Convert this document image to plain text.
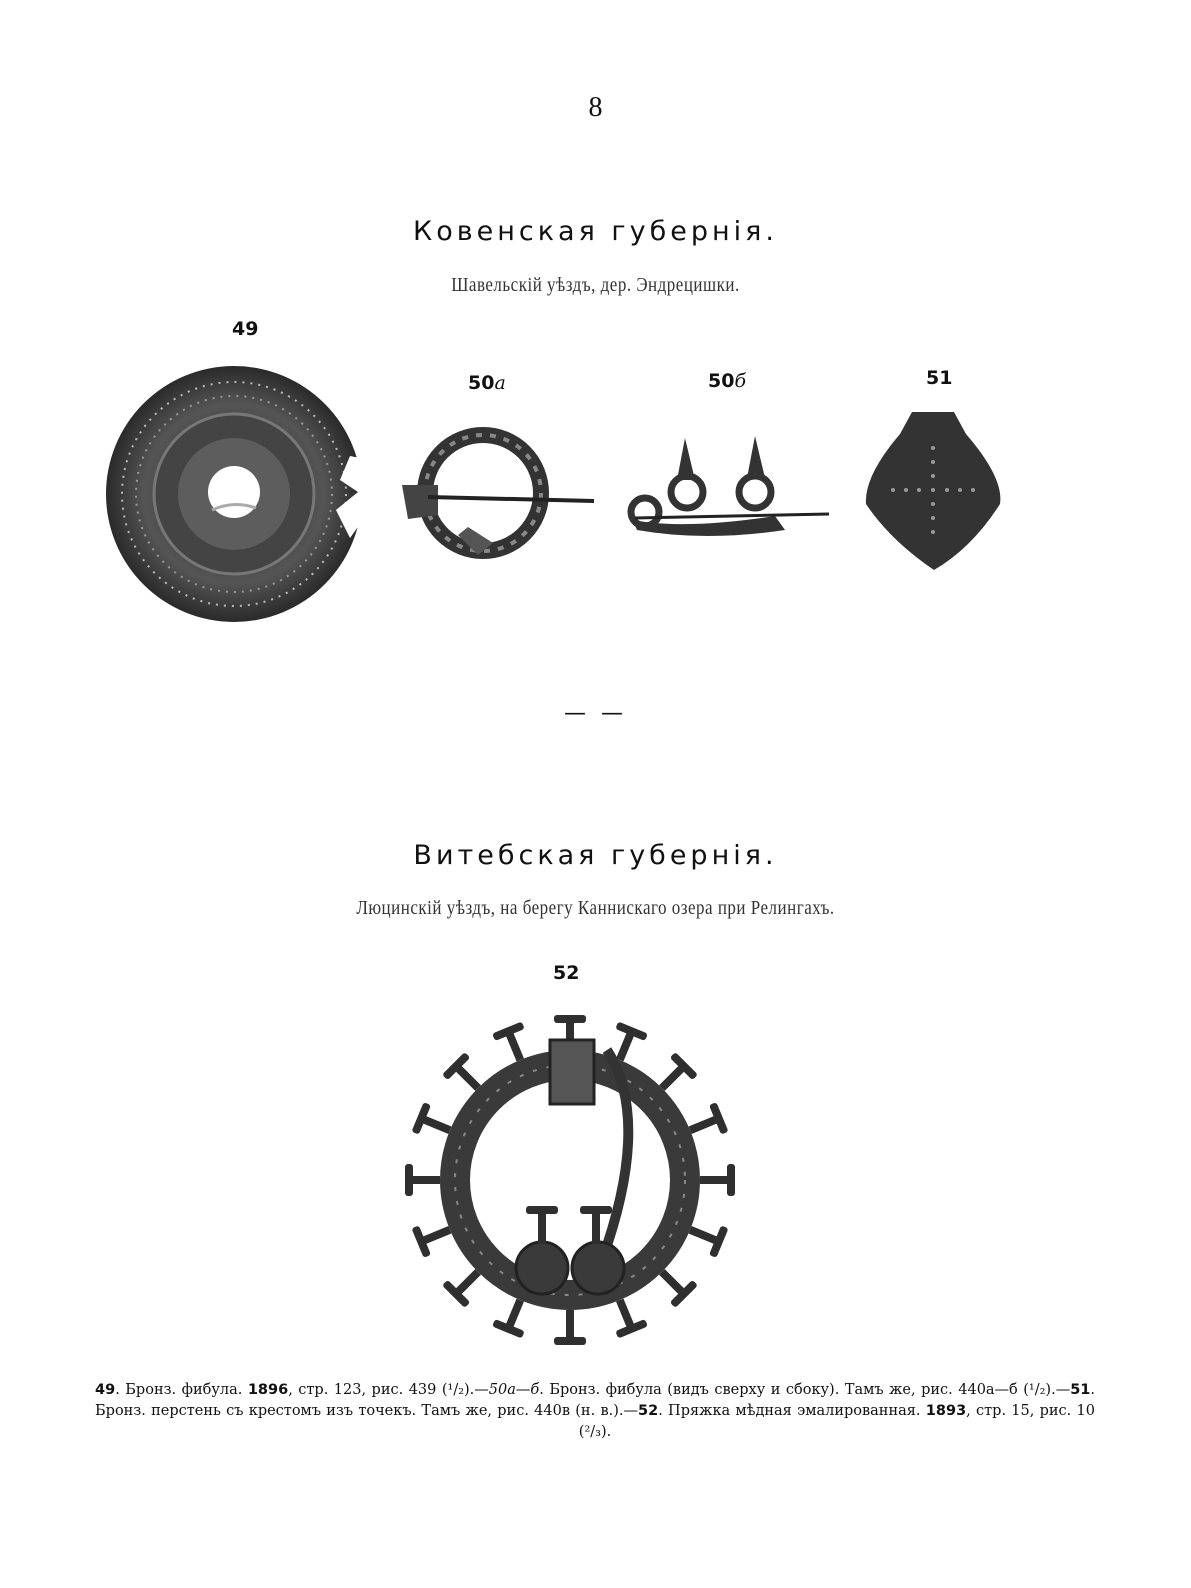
8
Ковенская губернія.
Шавельскій уѣздъ, дер. Эндрецишки.
49
50а	50б	51
— —
Витебская губернія.
Люцинскій уѣздъ, на берегу Каннискаго озера при Релингахъ.
52
49. Бронз. фибула. 1896, стр. 123, рис. 439 (¹/₂).—50а—б. Бронз. фибула (видъ сверху и сбоку). Тамъ же, рис. 440а—б (¹/₂).—51. Бронз. перстень съ крестомъ изъ точекъ. Тамъ же, рис. 440в (н. в.).—52. Пряжка мѣдная эмалированная. 1893, стр. 15, рис. 10 (²/₃).
